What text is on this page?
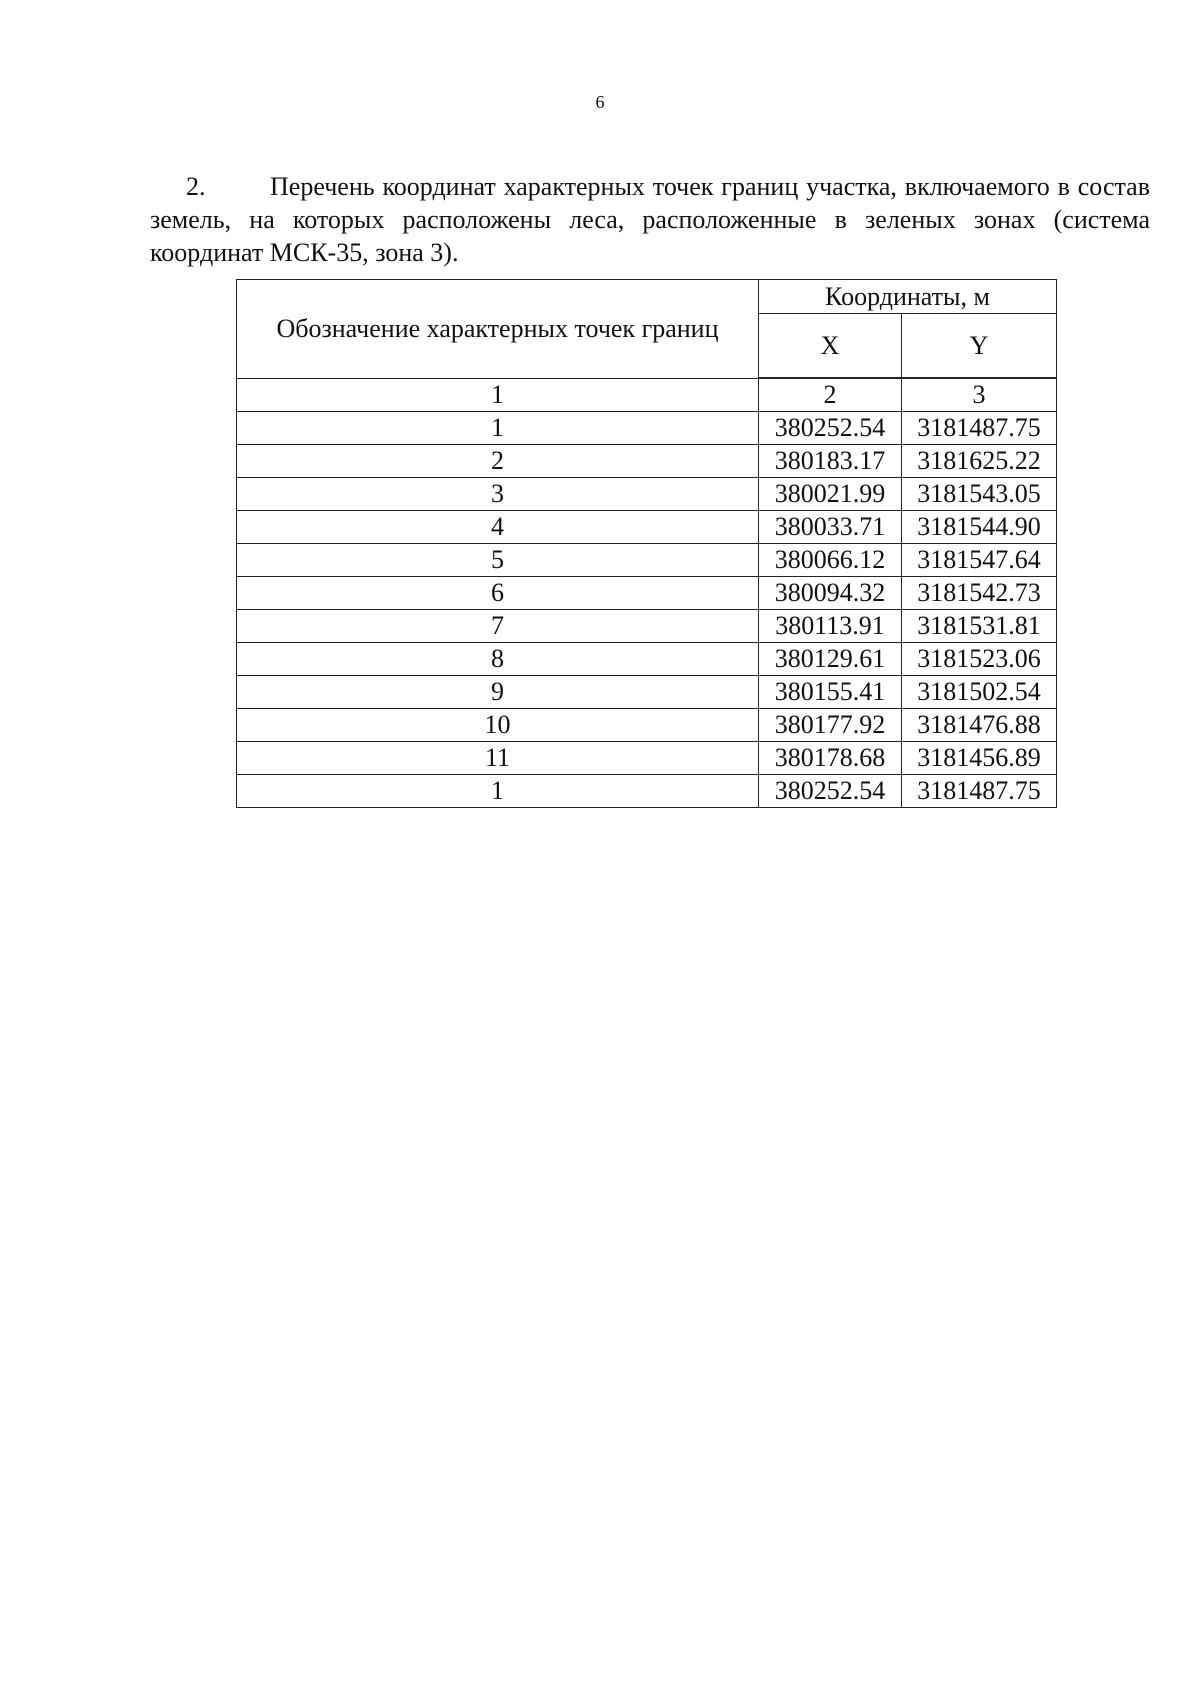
6

2. Перечень координат характерных точек границ участка, включаемого в состав земель, на которых расположены леса, расположенные в зеленых зонах (система координат МСК-35, зона 3).

Обозначение характерных точек границ	Координаты, м	
	X	Y
1	2	3
1	380252.54	3181487.75
2	380183.17	3181625.22
3	380021.99	3181543.05
4	380033.71	3181544.90
5	380066.12	3181547.64
6	380094.32	3181542.73
7	380113.91	3181531.81
8	380129.61	3181523.06
9	380155.41	3181502.54
10	380177.92	3181476.88
11	380178.68	3181456.89
1	380252.54	3181487.75
